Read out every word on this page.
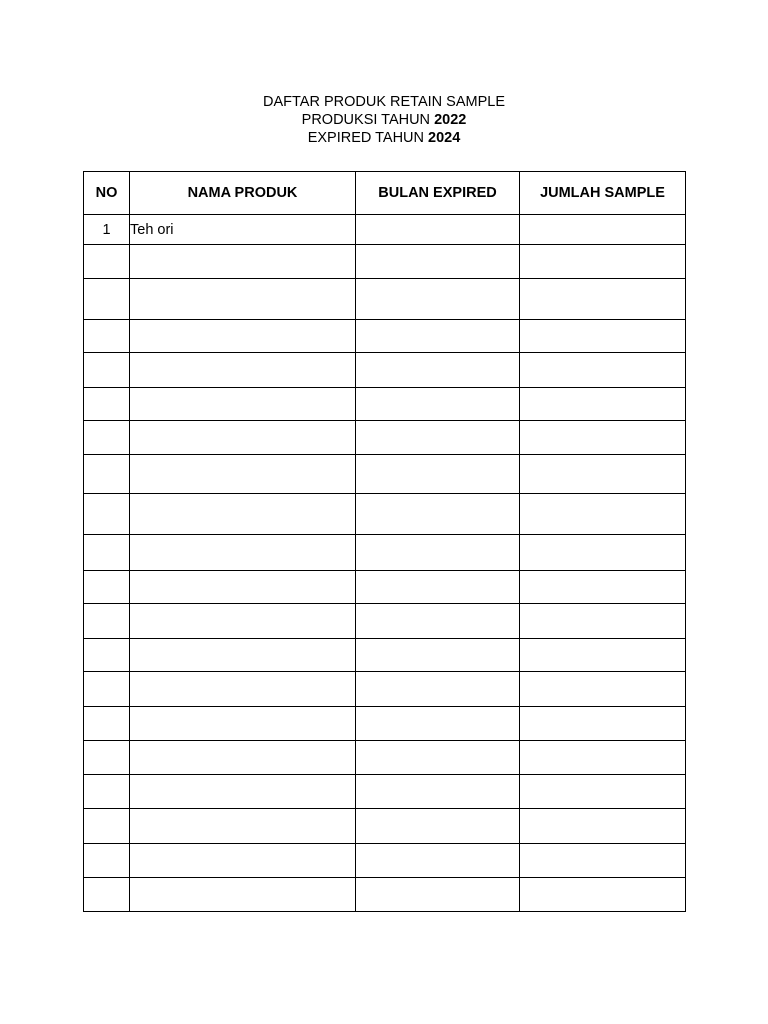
DAFTAR PRODUK RETAIN SAMPLE
PRODUKSI TAHUN 2022
EXPIRED TAHUN 2024
NO	NAMA PRODUK	BULAN EXPIRED	JUMLAH SAMPLE
1	Teh ori		
